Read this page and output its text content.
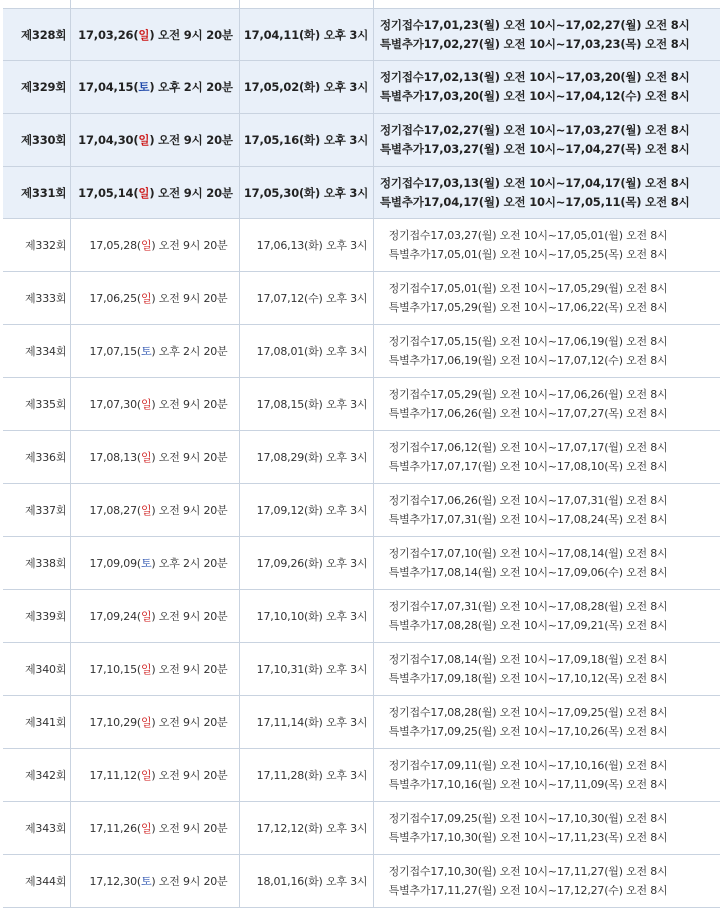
제328회	17,03,26(일) 오전 9시 20분	17,04,11(화) 오후 3시	정기접수17,01,23(월) 오전 10시~17,02,27(월) 오전 8시
특별추가17,02,27(월) 오전 10시~17,03,23(목) 오전 8시

제329회	17,04,15(토) 오후 2시 20분	17,05,02(화) 오후 3시	정기접수17,02,13(월) 오전 10시~17,03,20(월) 오전 8시
특별추가17,03,20(월) 오전 10시~17,04,12(수) 오전 8시

제330회	17,04,30(일) 오전 9시 20분	17,05,16(화) 오후 3시	정기접수17,02,27(월) 오전 10시~17,03,27(월) 오전 8시
특별추가17,03,27(월) 오전 10시~17,04,27(목) 오전 8시

제331회	17,05,14(일) 오전 9시 20분	17,05,30(화) 오후 3시	정기접수17,03,13(월) 오전 10시~17,04,17(월) 오전 8시
특별추가17,04,17(월) 오전 10시~17,05,11(목) 오전 8시

제332회	17,05,28(일) 오전 9시 20분	17,06,13(화) 오후 3시	정기접수17,03,27(월) 오전 10시~17,05,01(월) 오전 8시
특별추가17,05,01(월) 오전 10시~17,05,25(목) 오전 8시

제333회	17,06,25(일) 오전 9시 20분	17,07,12(수) 오후 3시	정기접수17,05,01(월) 오전 10시~17,05,29(월) 오전 8시
특별추가17,05,29(월) 오전 10시~17,06,22(목) 오전 8시

제334회	17,07,15(토) 오후 2시 20분	17,08,01(화) 오후 3시	정기접수17,05,15(월) 오전 10시~17,06,19(월) 오전 8시
특별추가17,06,19(월) 오전 10시~17,07,12(수) 오전 8시

제335회	17,07,30(일) 오전 9시 20분	17,08,15(화) 오후 3시	정기접수17,05,29(월) 오전 10시~17,06,26(월) 오전 8시
특별추가17,06,26(월) 오전 10시~17,07,27(목) 오전 8시

제336회	17,08,13(일) 오전 9시 20분	17,08,29(화) 오후 3시	정기접수17,06,12(월) 오전 10시~17,07,17(월) 오전 8시
특별추가17,07,17(월) 오전 10시~17,08,10(목) 오전 8시

제337회	17,08,27(일) 오전 9시 20분	17,09,12(화) 오후 3시	정기접수17,06,26(월) 오전 10시~17,07,31(월) 오전 8시
특별추가17,07,31(월) 오전 10시~17,08,24(목) 오전 8시

제338회	17,09,09(토) 오후 2시 20분	17,09,26(화) 오후 3시	정기접수17,07,10(월) 오전 10시~17,08,14(월) 오전 8시
특별추가17,08,14(월) 오전 10시~17,09,06(수) 오전 8시

제339회	17,09,24(일) 오전 9시 20분	17,10,10(화) 오후 3시	정기접수17,07,31(월) 오전 10시~17,08,28(월) 오전 8시
특별추가17,08,28(월) 오전 10시~17,09,21(목) 오전 8시

제340회	17,10,15(일) 오전 9시 20분	17,10,31(화) 오후 3시	정기접수17,08,14(월) 오전 10시~17,09,18(월) 오전 8시
특별추가17,09,18(월) 오전 10시~17,10,12(목) 오전 8시

제341회	17,10,29(일) 오전 9시 20분	17,11,14(화) 오후 3시	정기접수17,08,28(월) 오전 10시~17,09,25(월) 오전 8시
특별추가17,09,25(월) 오전 10시~17,10,26(목) 오전 8시

제342회	17,11,12(일) 오전 9시 20분	17,11,28(화) 오후 3시	정기접수17,09,11(월) 오전 10시~17,10,16(월) 오전 8시
특별추가17,10,16(월) 오전 10시~17,11,09(목) 오전 8시

제343회	17,11,26(일) 오전 9시 20분	17,12,12(화) 오후 3시	정기접수17,09,25(월) 오전 10시~17,10,30(월) 오전 8시
특별추가17,10,30(월) 오전 10시~17,11,23(목) 오전 8시

제344회	17,12,30(토) 오전 9시 20분	18,01,16(화) 오후 3시	정기접수17,10,30(월) 오전 10시~17,11,27(월) 오전 8시
특별추가17,11,27(월) 오전 10시~17,12,27(수) 오전 8시
